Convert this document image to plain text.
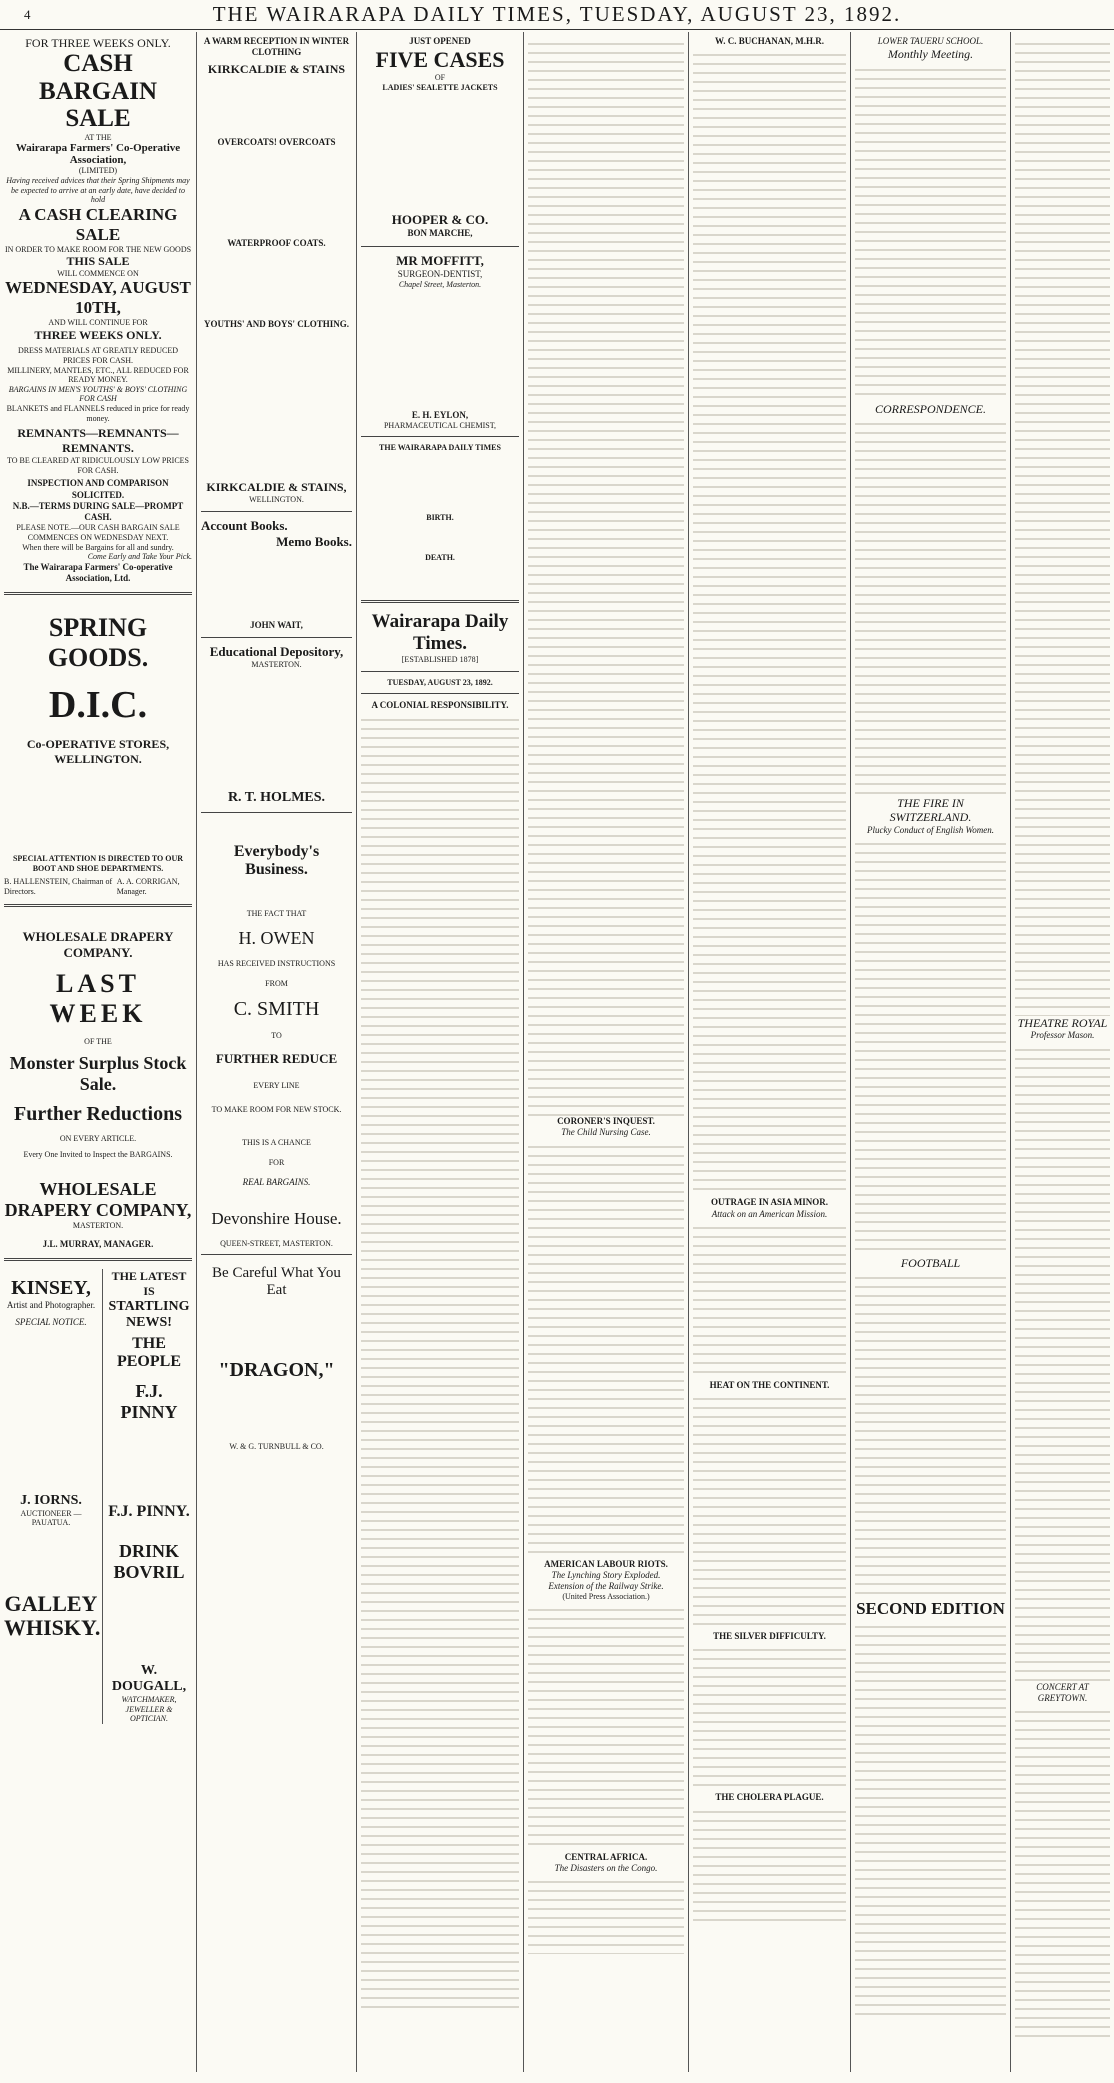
4	THE WAIRARAPA DAILY TIMES, TUESDAY, AUGUST 23, 1892.
FOR THREE WEEKS ONLY.
CASH BARGAIN SALE
AT THE
Wairarapa Farmers' Co-Operative Association,
(LIMITED)
Having received advices that their Spring Shipments may be expected to arrive at an early date, have decided to hold
A CASH CLEARING SALE
IN ORDER TO MAKE ROOM FOR THE NEW GOODS
THIS SALE
WILL COMMENCE ON
WEDNESDAY, AUGUST 10TH,
AND WILL CONTINUE FOR
THREE WEEKS ONLY.
DRESS MATERIALS AT GREATLY REDUCED PRICES FOR CASH.
MILLINERY, MANTLES, ETC., ALL REDUCED FOR READY MONEY.
BARGAINS IN MEN'S YOUTHS' & BOYS' CLOTHING FOR CASH
BLANKETS and FLANNELS reduced in price for ready money.
REMNANTS—REMNANTS—REMNANTS.
TO BE CLEARED AT RIDICULOUSLY LOW PRICES FOR CASH.
INSPECTION AND COMPARISON SOLICITED.
N.B.—TERMS DURING SALE—PROMPT CASH.
PLEASE NOTE.—OUR CASH BARGAIN SALE COMMENCES ON WEDNESDAY NEXT.
When there will be Bargains for all and sundry.
Come Early and Take Your Pick.
The Wairarapa Farmers' Co-operative Association, Ltd.
SPRING GOODS.
D.I.C.
Co-OPERATIVE STORES, WELLINGTON.
SPECIAL ATTENTION IS DIRECTED TO OUR BOOT AND SHOE DEPARTMENTS.
B. HALLENSTEIN, Chairman of Directors.
A. A. CORRIGAN, Manager.
WHOLESALE DRAPERY COMPANY.
LAST WEEK
OF THE
Monster Surplus Stock Sale.
Further Reductions
ON EVERY ARTICLE.
Every One Invited to Inspect the BARGAINS.
WHOLESALE DRAPERY COMPANY,
MASTERTON.
J.L. MURRAY, MANAGER.
KINSEY,
Artist and Photographer.
SPECIAL NOTICE.
J. IORNS.
AUCTIONEER — PAUATUA.
GALLEY WHISKY.
THE LATEST IS
STARTLING NEWS!
THE PEOPLE
F.J. PINNY
F.J. PINNY.
DRINK BOVRIL
W. DOUGALL,
WATCHMAKER, JEWELLER & OPTICIAN.
A WARM RECEPTION IN WINTER CLOTHING
KIRKCALDIE & STAINS
OVERCOATS! OVERCOATS
WATERPROOF COATS.
YOUTHS' AND BOYS' CLOTHING.
KIRKCALDIE & STAINS,
WELLINGTON.
Account Books.
Memo Books.
JOHN WAIT,
Educational Depository,
MASTERTON.
R. T. HOLMES.
Everybody's Business.
THE FACT THAT
H. OWEN
HAS RECEIVED INSTRUCTIONS
FROM
C. SMITH
TO
FURTHER REDUCE
EVERY LINE
TO MAKE ROOM FOR NEW STOCK.
THIS IS A CHANCE
FOR
REAL BARGAINS.
Devonshire House.
QUEEN-STREET, MASTERTON.
Be Careful What You Eat
"DRAGON,"
W. & G. TURNBULL & CO.
JUST OPENED
FIVE CASES
OF
LADIES' SEALETTE JACKETS
HOOPER & CO.
BON MARCHE,
MR MOFFITT,
SURGEON-DENTIST,
Chapel Street, Masterton.
E. H. EYLON,
PHARMACEUTICAL CHEMIST,
THE WAIRARAPA DAILY TIMES
BIRTH.
DEATH.
Wairarapa Daily Times.
[ESTABLISHED 1878]
TUESDAY, AUGUST 23, 1892.
A COLONIAL RESPONSIBILITY.
CORONER'S INQUEST.
The Child Nursing Case.
AMERICAN LABOUR RIOTS.
The Lynching Story Exploded.
Extension of the Railway Strike.
(United Press Association.)
CENTRAL AFRICA.
The Disasters on the Congo.
W. C. BUCHANAN, M.H.R.
OUTRAGE IN ASIA MINOR.
Attack on an American Mission.
HEAT ON THE CONTINENT.
THE SILVER DIFFICULTY.
THE CHOLERA PLAGUE.
LOWER TAUERU SCHOOL.
Monthly Meeting.
CORRESPONDENCE.
THE FIRE IN SWITZERLAND.
Plucky Conduct of English Women.
FOOTBALL
SECOND EDITION
THEATRE ROYAL
Professor Mason.
CONCERT AT GREYTOWN.
